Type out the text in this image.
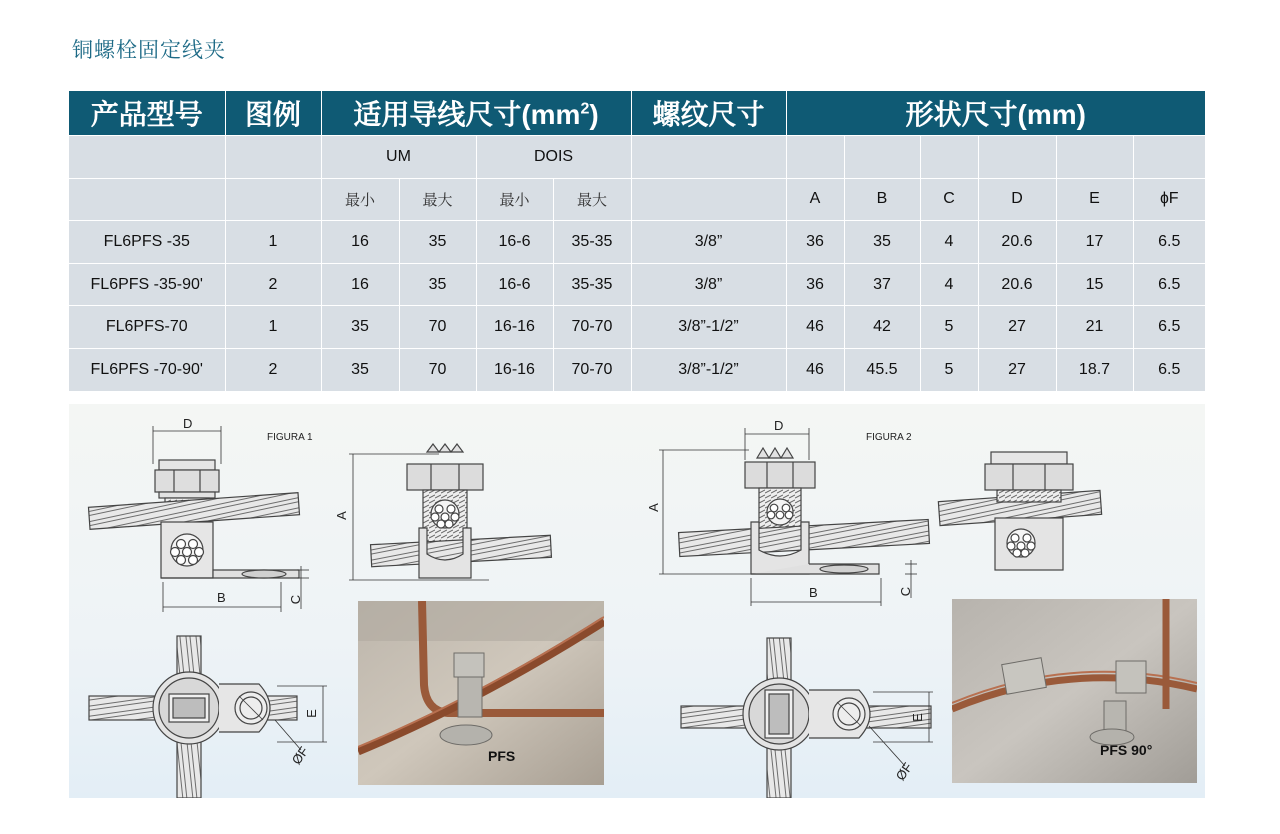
铜螺栓固定线夹
产品型号	图例	适用导线尺寸$(mm^2)$				螺纹尺寸	形状尺寸(mm)					
		UM		DOIS								
		最小	最大	最小	最大		A	B	C	D	E	ɸF
FL6PFS -35	1	16	35	16-6	35-35	3/8”	36	35	4	20.6	17	6.5
FL6PFS -35-90'	2	16	35	16-6	35-35	3/8”	36	37	4	20.6	15	6.5
FL6PFS-70	1	35	70	16-16	70-70	3/8”-1/2”	46	42	5	27	21	6.5
FL6PFS -70-90'	2	35	70	16-16	70-70	3/8”-1/2”	46	45.5	5	27	18.7	6.5
FIGURA 1	FIGURA 2
D
B	C
A
E
ØF
D
B	C
A
E
ØF
PFS	PFS 90°
